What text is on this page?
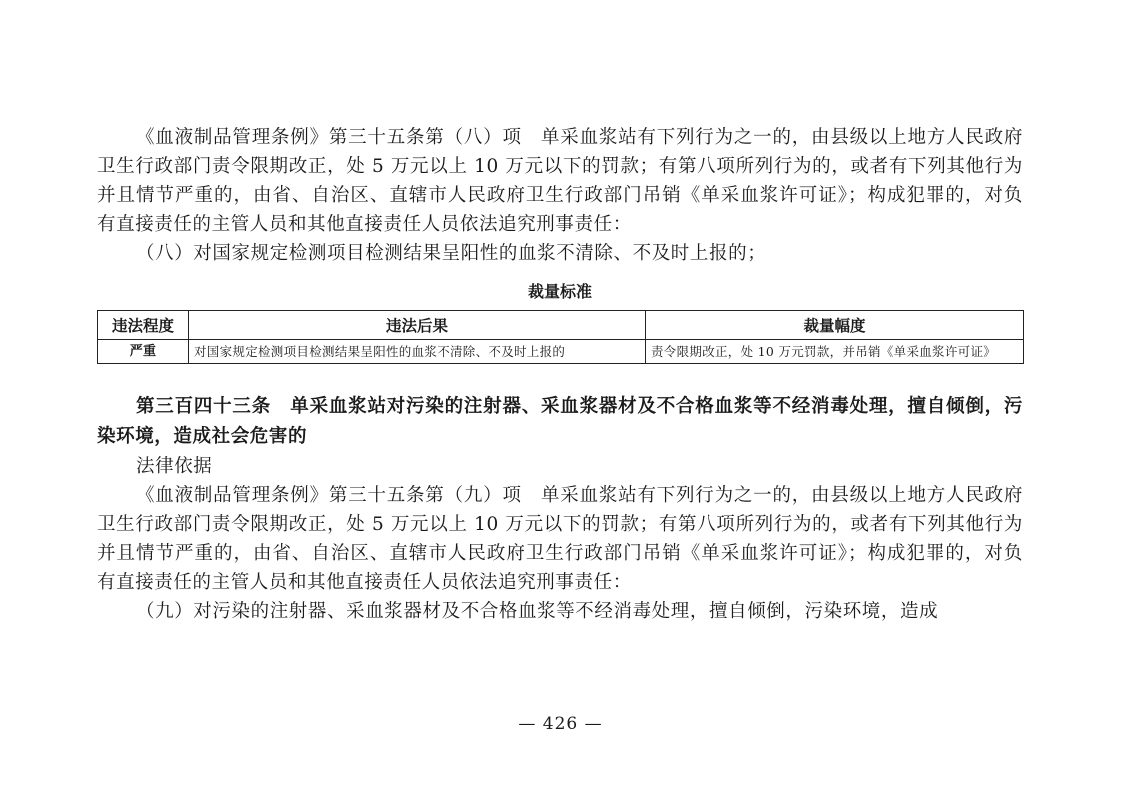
《血液制品管理条例》第三十五条第（八）项　单采血浆站有下列行为之一的，由县级以上地方人民政府卫生行政部门责令限期改正，处 5 万元以上 10 万元以下的罚款；有第八项所列行为的，或者有下列其他行为并且情节严重的，由省、自治区、直辖市人民政府卫生行政部门吊销《单采血浆许可证》；构成犯罪的，对负有直接责任的主管人员和其他直接责任人员依法追究刑事责任：

（八）对国家规定检测项目检测结果呈阳性的血浆不清除、不及时上报的；

裁量标准
违法程度	违法后果	裁量幅度
严重	对国家规定检测项目检测结果呈阳性的血浆不清除、不及时上报的	责令限期改正，处 10 万元罚款，并吊销《单采血浆许可证》

第三百四十三条　单采血浆站对污染的注射器、采血浆器材及不合格血浆等不经消毒处理，擅自倾倒，污染环境，造成社会危害的

法律依据

《血液制品管理条例》第三十五条第（九）项　单采血浆站有下列行为之一的，由县级以上地方人民政府卫生行政部门责令限期改正，处 5 万元以上 10 万元以下的罚款；有第八项所列行为的，或者有下列其他行为并且情节严重的，由省、自治区、直辖市人民政府卫生行政部门吊销《单采血浆许可证》；构成犯罪的，对负有直接责任的主管人员和其他直接责任人员依法追究刑事责任：

（九）对污染的注射器、采血浆器材及不合格血浆等不经消毒处理，擅自倾倒，污染环境，造成

— 426 —
